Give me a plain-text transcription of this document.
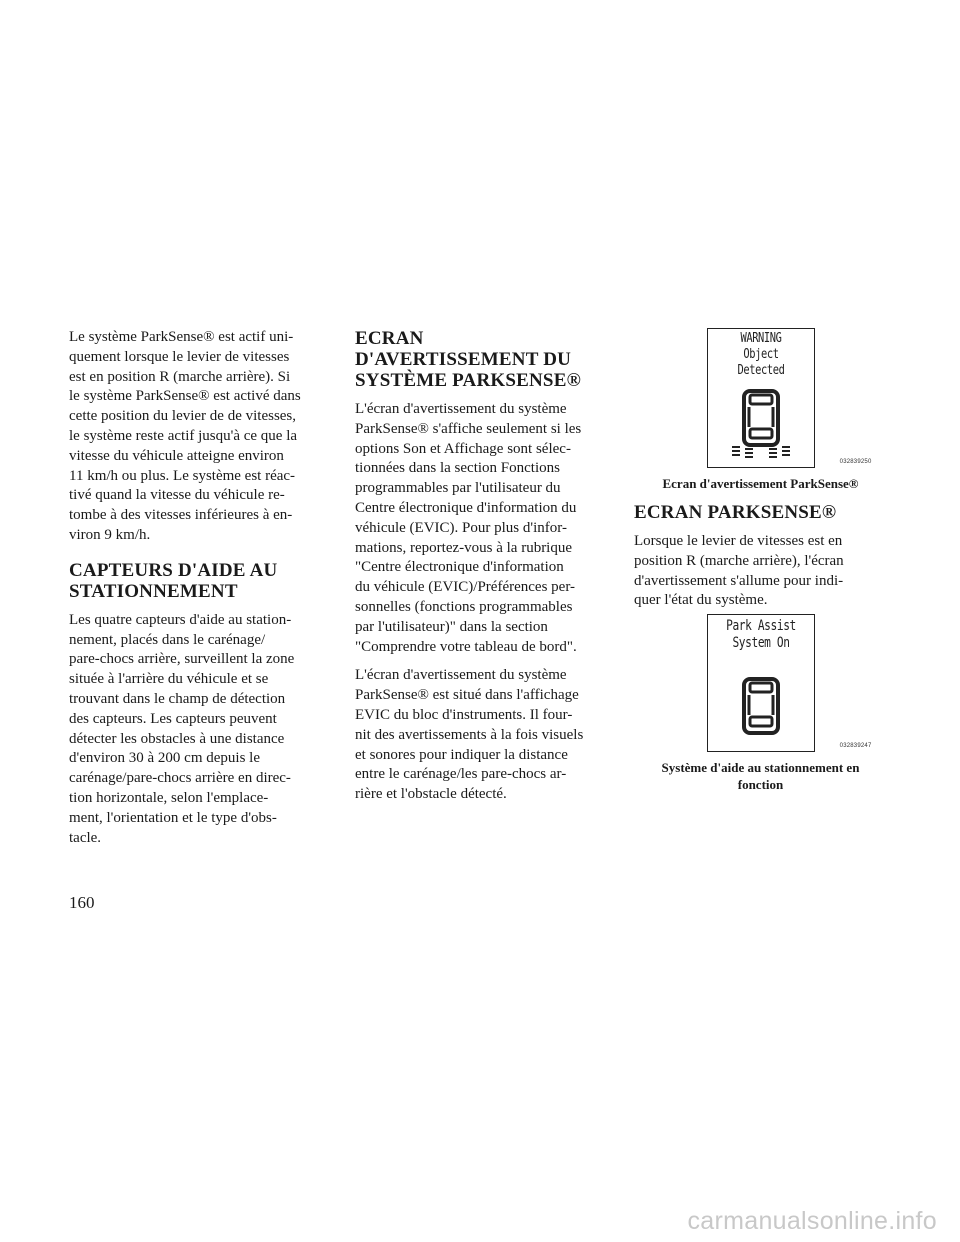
Le système ParkSense® est actif uni-
quement lorsque le levier de vitesses
est en position R (marche arrière). Si
le système ParkSense® est activé dans
cette position du levier de de vitesses,
le système reste actif jusqu'à ce que la
vitesse du véhicule atteigne environ
11 km/h ou plus. Le système est réac-
tivé quand la vitesse du véhicule re-
tombe à des vitesses inférieures à en-
viron 9 km/h.

CAPTEURS D'AIDE AU
STATIONNEMENT

Les quatre capteurs d'aide au station-
nement, placés dans le carénage/
pare-chocs arrière, surveillent la zone
située à l'arrière du véhicule et se
trouvant dans le champ de détection
des capteurs. Les capteurs peuvent
détecter les obstacles à une distance
d'environ 30 à 200 cm depuis le
carénage/pare-chocs arrière en direc-
tion horizontale, selon l'emplace-
ment, l'orientation et le type d'obs-
tacle.

ECRAN
D'AVERTISSEMENT DU
SYSTÈME PARKSENSE®

L'écran d'avertissement du système
ParkSense® s'affiche seulement si les
options Son et Affichage sont sélec-
tionnées dans la section Fonctions
programmables par l'utilisateur du
Centre électronique d'information du
véhicule (EVIC). Pour plus d'infor-
mations, reportez-vous à la rubrique
"Centre électronique d'information
du véhicule (EVIC)/Préférences per-
sonnelles (fonctions programmables
par l'utilisateur)" dans la section
"Comprendre votre tableau de bord".

L'écran d'avertissement du système
ParkSense® est situé dans l'affichage
EVIC du bloc d'instruments. Il four-
nit des avertissements à la fois visuels
et sonores pour indiquer la distance
entre le carénage/les pare-chocs ar-
rière et l'obstacle détecté.

WARNING
Object
Detected
032839250
Ecran d'avertissement ParkSense®
ECRAN PARKSENSE®

Lorsque le levier de vitesses est en
position R (marche arrière), l'écran
d'avertissement s'allume pour indi-
quer l'état du système.

Park Assist
System On
032839247
Système d'aide au stationnement en
fonction
160
carmanualsonline.info
